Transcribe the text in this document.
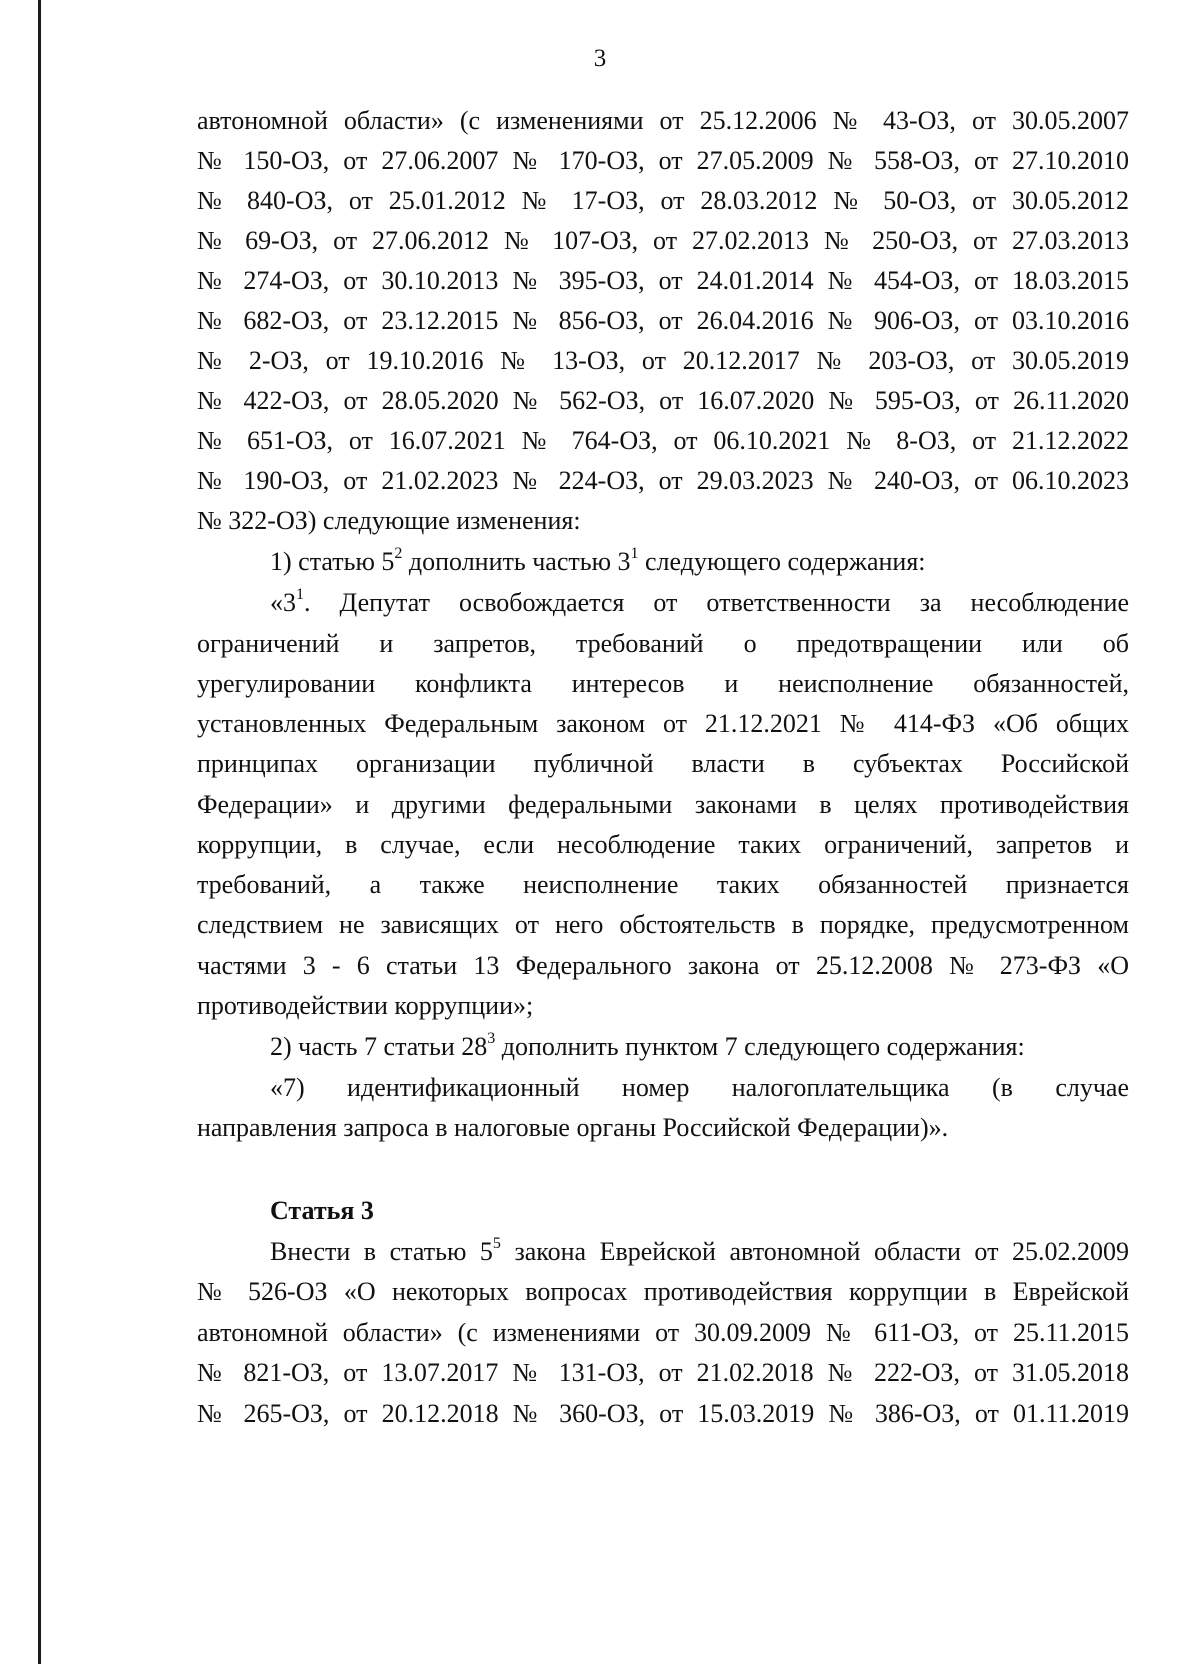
3
автономной области» (с изменениями от 25.12.2006 № 43-ОЗ, от 30.05.2007
№ 150-ОЗ, от 27.06.2007 № 170-ОЗ, от 27.05.2009 № 558-ОЗ, от 27.10.2010
№ 840-ОЗ, от 25.01.2012 № 17-ОЗ, от 28.03.2012 № 50-ОЗ, от 30.05.2012
№ 69-ОЗ, от 27.06.2012 № 107-ОЗ, от 27.02.2013 № 250-ОЗ, от 27.03.2013
№ 274-ОЗ, от 30.10.2013 № 395-ОЗ, от 24.01.2014 № 454-ОЗ, от 18.03.2015
№ 682-ОЗ, от 23.12.2015 № 856-ОЗ, от 26.04.2016 № 906-ОЗ, от 03.10.2016
№ 2-ОЗ, от 19.10.2016 № 13-ОЗ, от 20.12.2017 № 203-ОЗ, от 30.05.2019
№ 422-ОЗ, от 28.05.2020 № 562-ОЗ, от 16.07.2020 № 595-ОЗ, от 26.11.2020
№ 651-ОЗ, от 16.07.2021 № 764-ОЗ, от 06.10.2021 № 8-ОЗ, от 21.12.2022
№ 190-ОЗ, от 21.02.2023 № 224-ОЗ, от 29.03.2023 № 240-ОЗ, от 06.10.2023
№ 322-ОЗ) следующие изменения:
1) статью $5^2$ дополнить частью $3^1$ следующего содержания:
«$3^1$. Депутат освобождается от ответственности за несоблюдение
ограничений и запретов, требований о предотвращении или об
урегулировании конфликта интересов и неисполнение обязанностей,
установленных Федеральным законом от 21.12.2021 № 414-ФЗ «Об общих
принципах организации публичной власти в субъектах Российской
Федерации» и другими федеральными законами в целях противодействия
коррупции, в случае, если несоблюдение таких ограничений, запретов и
требований, а также неисполнение таких обязанностей признается
следствием не зависящих от него обстоятельств в порядке, предусмотренном
частями 3 - 6 статьи 13 Федерального закона от 25.12.2008 № 273-ФЗ «О
противодействии коррупции»;
2) часть 7 статьи $28^3$ дополнить пунктом 7 следующего содержания:
«7) идентификационный номер налогоплательщика (в случае
направления запроса в налоговые органы Российской Федерации)».
Статья 3
Внести в статью $5^5$ закона Еврейской автономной области от 25.02.2009
№ 526-ОЗ «О некоторых вопросах противодействия коррупции в Еврейской
автономной области» (с изменениями от 30.09.2009 № 611-ОЗ, от 25.11.2015
№ 821-ОЗ, от 13.07.2017 № 131-ОЗ, от 21.02.2018 № 222-ОЗ, от 31.05.2018
№ 265-ОЗ, от 20.12.2018 № 360-ОЗ, от 15.03.2019 № 386-ОЗ, от 01.11.2019
